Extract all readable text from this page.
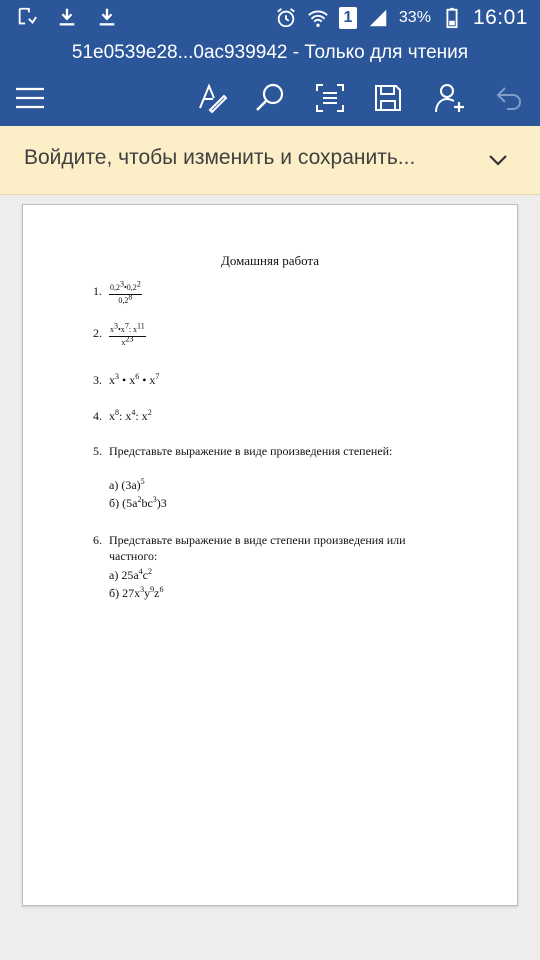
1	33% 16:01
51e0539e28...0ac939942 - Только для чтения
Войдите, чтобы изменить и сохранить...
Домашняя работа
1. $\frac{0,2^3•0,2^2}{0,2^8}$
2. $\frac{x^3•x^7: x^{11}}{x^{23}}$
3. $x^3$ • $x^6$ • $x^7$
4. $x^8$: $x^4$: $x^2$
5. Представьте выражение в виде произведения степеней:
а) $(3а)^5$
б) $(5а^2bc^3)3$
6. Представьте выражение в виде степени произведения или частного:
а) $25а^4c^2$
б) $27x^3y^9z^6$
